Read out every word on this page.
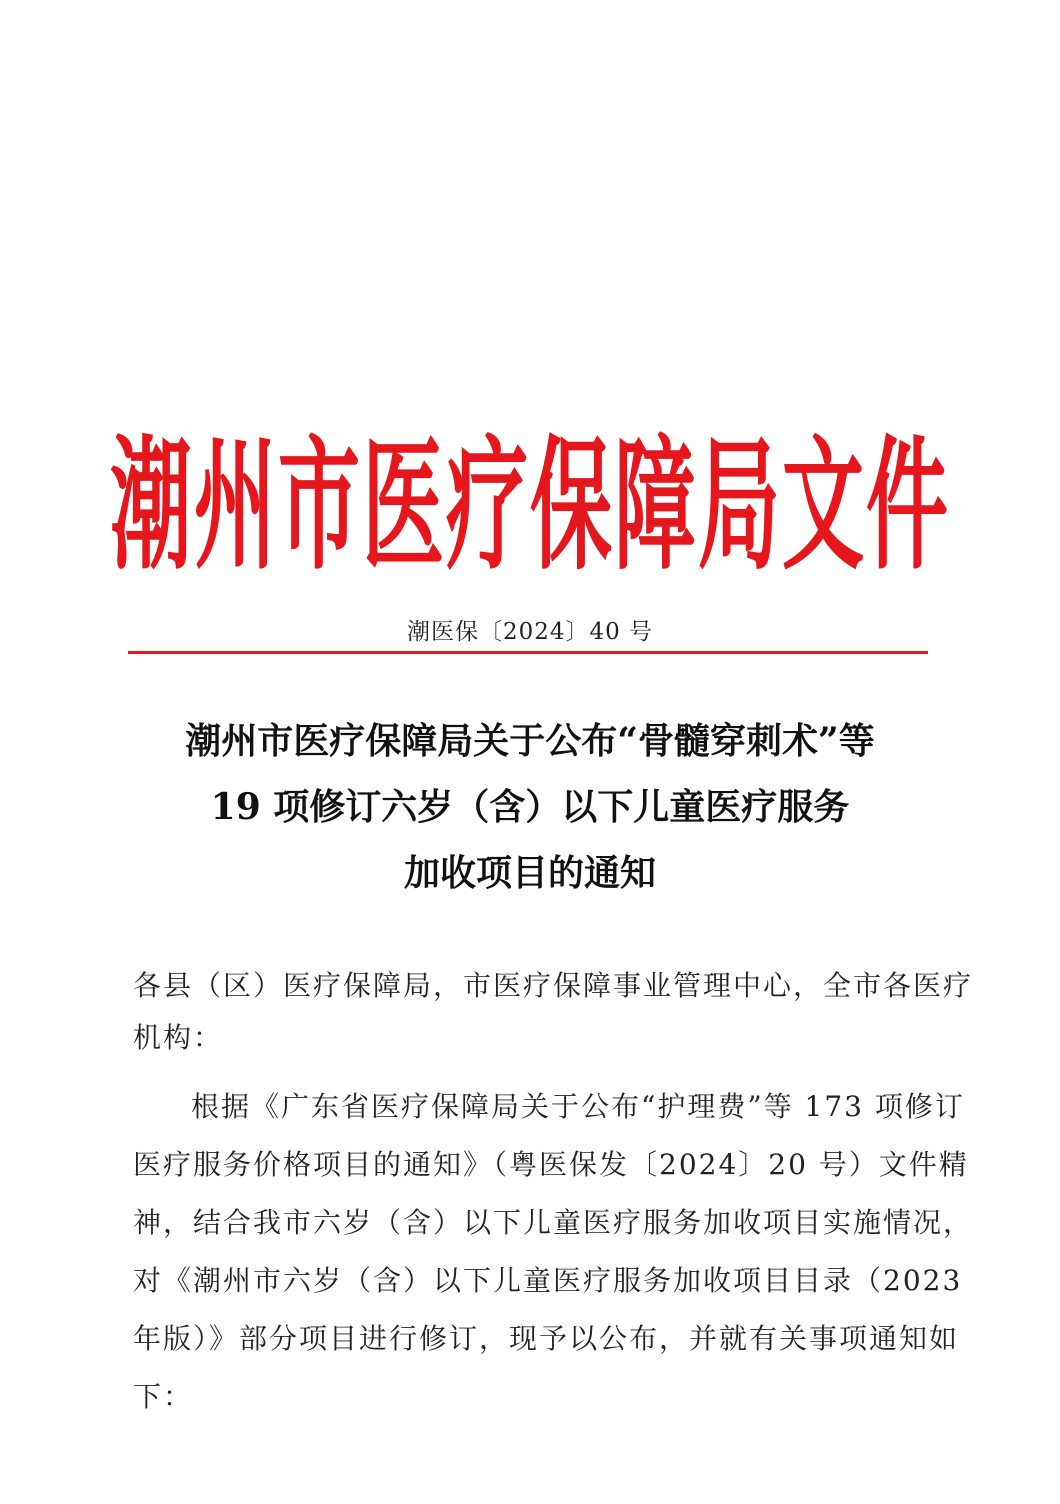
潮州市医疗保障局文件
潮医保〔2024〕40 号
潮州市医疗保障局关于公布“骨髓穿刺术”等
19 项修订六岁（含）以下儿童医疗服务
加收项目的通知
各县（区）医疗保障局，市医疗保障事业管理中心，全市各医疗
机构：
根据《广东省医疗保障局关于公布“护理费”等 173 项修订
医疗服务价格项目的通知》（粤医保发〔2024〕20 号）文件精
神，结合我市六岁（含）以下儿童医疗服务加收项目实施情况，
对《潮州市六岁（含）以下儿童医疗服务加收项目目录（2023
年版）》部分项目进行修订，现予以公布，并就有关事项通知如
下：
